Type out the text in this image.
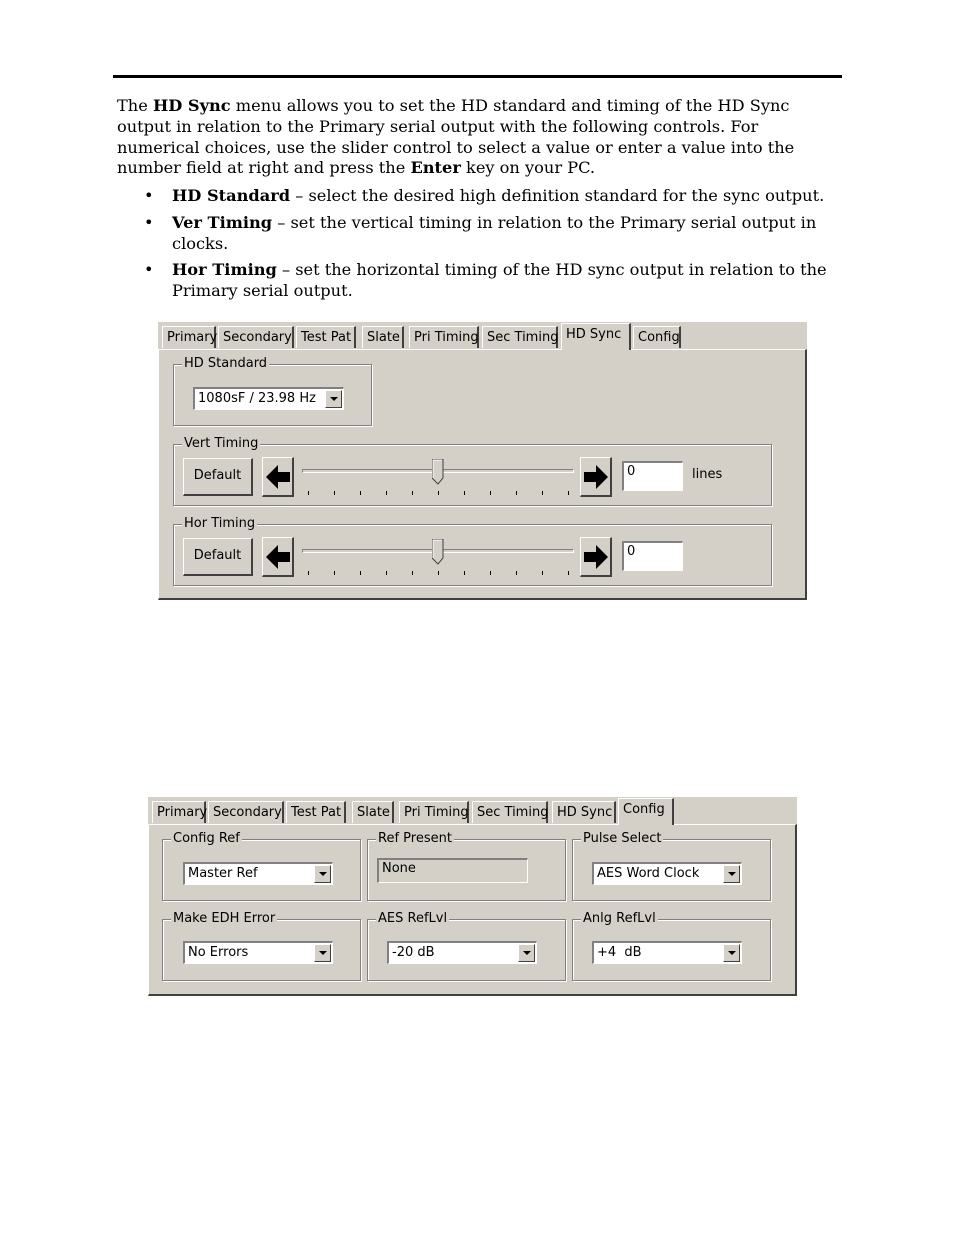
The HD Sync menu allows you to set the HD standard and timing of the HD Sync output in relation to the Primary serial output with the following controls. For numerical choices, use the slider control to select a value or enter a value into the number field at right and press the Enter key on your PC.

• HD Standard – select the desired high definition standard for the sync output.
• Ver Timing – set the vertical timing in relation to the Primary serial output in clocks.
• Hor Timing – set the horizontal timing of the HD sync output in relation to the Primary serial output.
Primary Secondary Test Pat	Slate	Pri Timing Sec Timing HD Sync	Config
HD Standard
1080sF / 23.98 Hz
Vert Timing
Default	0	lines
Hor Timing
Default	0
Primary Secondary Test Pat	Slate	Pri Timing Sec Timing HD Sync Config
Config Ref
Master Ref
Ref Present
None
Pulse Select
AES Word Clock
Make EDH Error
No Errors
AES RefLvl
-20 dB
Anlg RefLvl
+4  dB
